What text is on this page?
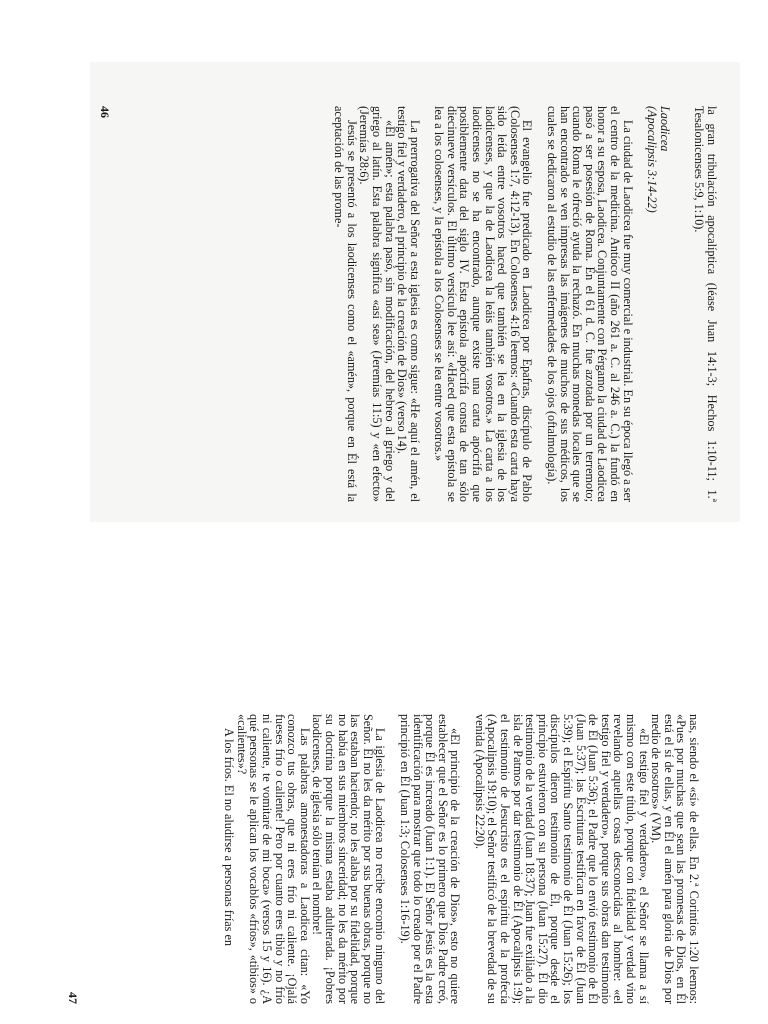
la gran tribulación apocalíptica (léase Juan 14:1-3; Hechos 1:10-11; 1.ª Tesalonicenses 5:9, 1:10).

Laodicea
(Apocalipsis 3:14-22)

La ciudad de Laodicea fue muy comercial e industrial. En su época llegó a ser el centro de la medicina. Antíoco II (año 261 a. C. al 246 a. C.) la fundó en honor a su esposa, Laodicea. Conjuntamente con Pérgamo la ciudad de Laodicea pasó a ser posesión de Roma. En el 61 d. C. fue azotada por un terremoto; cuando Roma le ofreció ayuda la rechazó. En muchas monedas locales que se han encontrado se ven impresas las imágenes de muchos de sus médicos, los cuales se dedicaron al estudio de las enfermedades de los ojos (oftalmología).

El evangelio fue predicado en Laodicea por Epafras, discípulo de Pablo (Colosenses 1:7, 4:12-13). En Colosenses 4:16 leemos: «Cuando esta carta haya sido leída entre vosotros haced que también se lea en la iglesia de los laodicenses, y que la de Laodicea la leáis también vosotros.» La carta a los laodicenses no se ha encontrado, aunque existe una carta apócrifa que posiblemente data del siglo IV. Esta epístola apócrifa consta de tan sólo diecinueve versículos. El último versículo lee así: «Haced que esta epístola se lea a los colosenses, y la epístola a los Colosenses se lea entre vosotros.»

La prerrogativa del Señor a esta iglesia es como sigue: «He aquí el amén, el testigo fiel y verdadero, el principio de la creación de Dios» (verso 14).

«El amén»; esta palabra pasó, sin modificación, del hebreo al griego y del griego al latín. Esta palabra significa «así sea» (Jeremías 11:5) y «en efecto» (Jeremías 28:6).

Jesús se presentó a los laodicenses como el «amén», porque en Él está la aceptación de las prome-

46

nas, siendo el «sí» de ellas. En 2.ª Corintios 1:20 leemos: «Pues por muchas que sean las promesas de Dios, en Él está el sí de ellas, y en Él el amén para gloria de Dios por medio de nosotros» (VM).

«El testigo fiel y verdadero», el Señor se llama a sí mismo con este título, porque con fidelidad y verdad vino revelando aquellas cosas desconocidas al hombre: «el testigo fiel y verdadero», porque sus obras dan testimonio de Él (Juan 5:36); el Padre que lo envió testimonio de Él (Juan 5:37); las Escrituras testifican en favor de Él (Juan 5:39); el Espíritu Santo testimonio de Él (Juan 15:26); los discípulos dieron testimonio de Él, porque desde el principio estuvieron con su persona (Juan 15:27). Él dio testimonio de la verdad (Juan 18:37); Juan fue exiliado a la isla de Patmos por dar testimonio de Él (Apocalipsis 1:9); el testimonio de Jesucristo es el espíritu de la profecía (Apocalipsis 19:10); el Señor testificó de la brevedad de su venida (Apocalipsis 22:20).

«El principio de la creación de Dios», esto no quiere establecer que el Señor es lo primero que Dios Padre creó, porque Él es increado (Juan 1:1). El Señor Jesús es la esta identificación para mostrar que todo lo creado por el Padre principió en Él (Juan 1:3; Colosenses 1:16-19).

La iglesia de Laodicea no recibe encomio ninguno del Señor. El no les da mérito por sus buenas obras, porque no las estaban haciendo; no les alaba por su fidelidad, porque no había en sus miembros sinceridad; no les da mérito por su doctrina porque la misma estaba adulterada. ¡Pobres laodicenses, de iglesia sólo tenían el nombre!

Las palabras amonestadoras a Laodicea citan: «Yo conozco tus obras, que ni eres frío ni caliente. ¡Ojalá fueses frío o caliente! Pero por cuanto eres tibio y no frío ni caliente, te vomitaré de mi boca» (versos 15 y 16). ¿A qué personas se le aplican los vocablos «fríos», «tibios» o «calientes»?

A los fríos. El no aludirse a personas frías en

47
